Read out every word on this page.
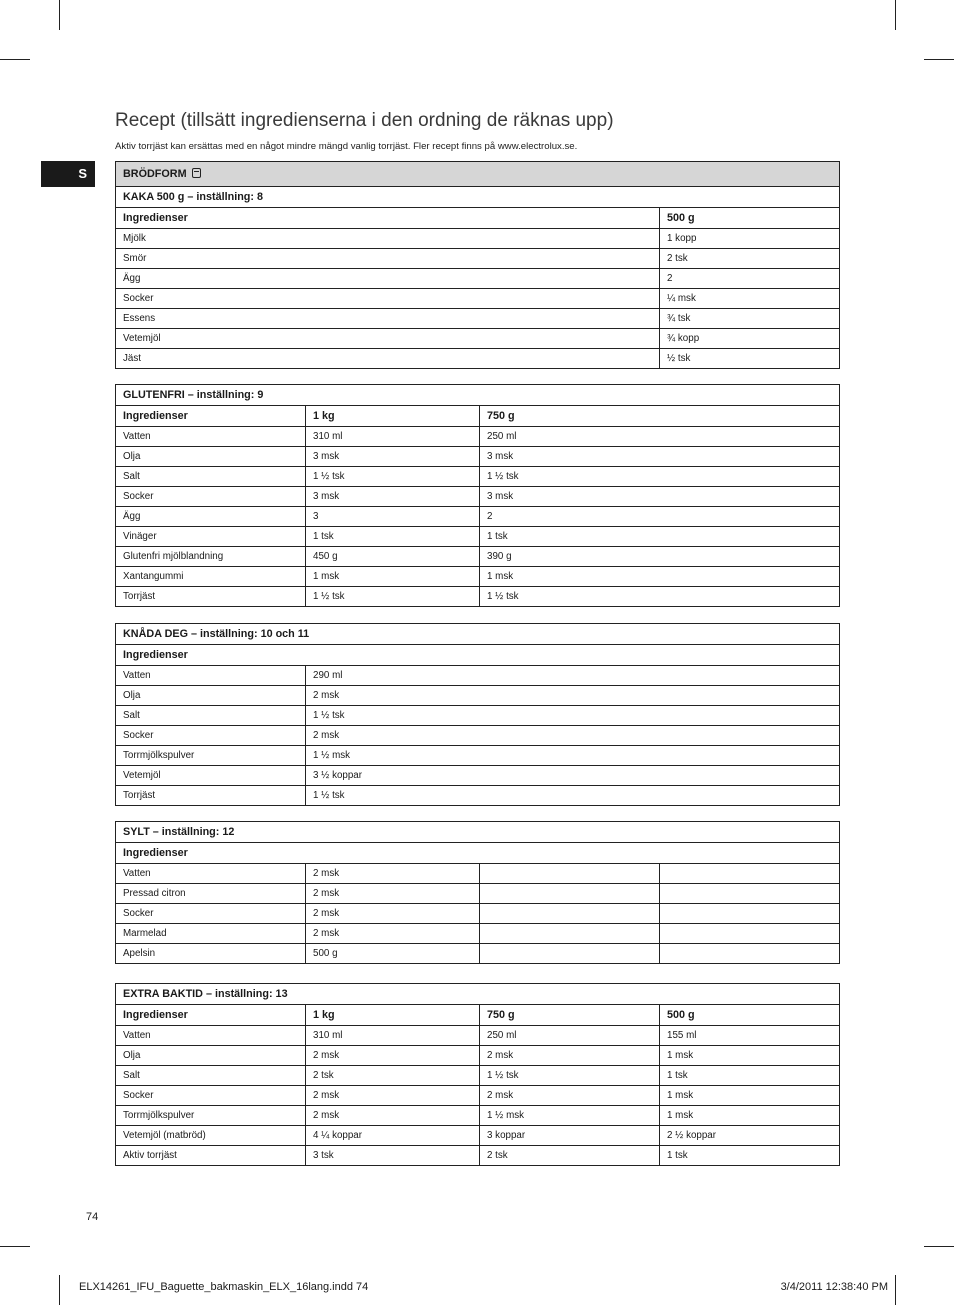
Recept (tillsätt ingredienserna i den ordning de räknas upp)
Aktiv torrjäst kan ersättas med en något mindre mängd vanlig torrjäst. Fler recept finns på www.electrolux.se.
S	BRÖDFORM	
KAKA 500 g – inställning: 8	
Ingredienser	500 g
Mjölk	1 kopp
Smör	2 tsk
Ägg	2
Socker	¼ msk
Essens	¾ tsk
Vetemjöl	¾ kopp
Jäst	½ tsk
GLUTENFRI – inställning: 9		
Ingredienser	1 kg	750 g
Vatten	310 ml	250 ml
Olja	3 msk	3 msk
Salt	1 ½ tsk	1 ½ tsk
Socker	3 msk	3 msk
Ägg	3	2
Vinäger	1 tsk	1 tsk
Glutenfri mjölblandning	450 g	390 g
Xantangummi	1 msk	1 msk
Torrjäst	1 ½ tsk	1 ½ tsk
KNÅDA DEG – inställning: 10 och 11	
Ingredienser	
Vatten	290 ml
Olja	2 msk
Salt	1 ½ tsk
Socker	2 msk
Torrmjölkspulver	1 ½ msk
Vetemjöl	3 ½ koppar
Torrjäst	1 ½ tsk
SYLT – inställning: 12			
Ingredienser			
Vatten	2 msk		
Pressad citron	2 msk		
Socker	2 msk		
Marmelad	2 msk		
Apelsin	500 g		
EXTRA BAKTID – inställning: 13			
Ingredienser	1 kg	750 g	500 g
Vatten	310 ml	250 ml	155 ml
Olja	2 msk	2 msk	1 msk
Salt	2 tsk	1 ½ tsk	1 tsk
Socker	2 msk	2 msk	1 msk
Torrmjölkspulver	2 msk	1 ½ msk	1 msk
Vetemjöl (matbröd)	4 ¼ koppar	3 koppar	2 ½ koppar
Aktiv torrjäst	3 tsk	2 tsk	1 tsk
74
ELX14261_IFU_Baguette_bakmaskin_ELX_16lang.indd 74	3/4/2011 12:38:40 PM
